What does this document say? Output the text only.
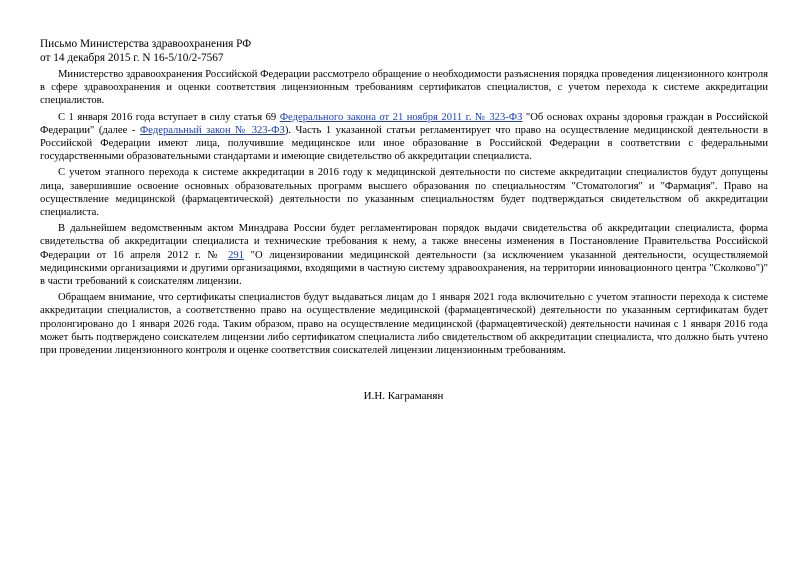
Письмо Министерства здравоохранения РФ
от 14 декабря 2015 г. N 16-5/10/2-7567

Министерство здравоохранения Российской Федерации рассмотрело обращение о необходимости разъяснения порядка проведения лицензионного контроля в сфере здравоохранения и оценки соответствия лицензионным требованиям сертификатов специалистов, с учетом перехода к системе аккредитации специалистов.

С 1 января 2016 года вступает в силу статья 69 Федерального закона от 21 ноября 2011 г. № 323-ФЗ "Об основах охраны здоровья граждан в Российской Федерации" (далее - Федеральный закон № 323-ФЗ). Часть 1 указанной статьи регламентирует что право на осуществление медицинской деятельности в Российской Федерации имеют лица, получившие медицинское или иное образование в Российской Федерации в соответствии с федеральными государственными образовательными стандартами и имеющие свидетельство об аккредитации специалиста.

С учетом этапного перехода к системе аккредитации в 2016 году к медицинской деятельности по системе аккредитации специалистов будут допущены лица, завершившие освоение основных образовательных программ высшего образования по специальностям "Стоматология" и "Фармация". Право на осуществление медицинской (фармацевтической) деятельности по указанным специальностям будет подтверждаться свидетельством об аккредитации специалиста.

В дальнейшем ведомственным актом Минздрава России будет регламентирован порядок выдачи свидетельства об аккредитации специалиста, форма свидетельства об аккредитации специалиста и технические требования к нему, а также внесены изменения в Постановление Правительства Российской Федерации от 16 апреля 2012 г. № 291 "О лицензировании медицинской деятельности (за исключением указанной деятельности, осуществляемой медицинскими организациями и другими организациями, входящими в частную систему здравоохранения, на территории инновационного центра "Сколково")" в части требований к соискателям лицензии.

Обращаем внимание, что сертификаты специалистов будут выдаваться лицам до 1 января 2021 года включительно с учетом этапности перехода к системе аккредитации специалистов, а соответственно право на осуществление медицинской (фармацевтической) деятельности по указанным сертификатам будет пролонгировано до 1 января 2026 года. Таким образом, право на осуществление медицинской (фармацевтической) деятельности начиная с 1 января 2016 года может быть подтверждено соискателем лицензии либо сертификатом специалиста либо свидетельством об аккредитации специалиста, что должно быть учтено при проведении лицензионного контроля и оценке соответствия соискателей лицензии лицензионным требованиям.

И.Н. Каграманян
